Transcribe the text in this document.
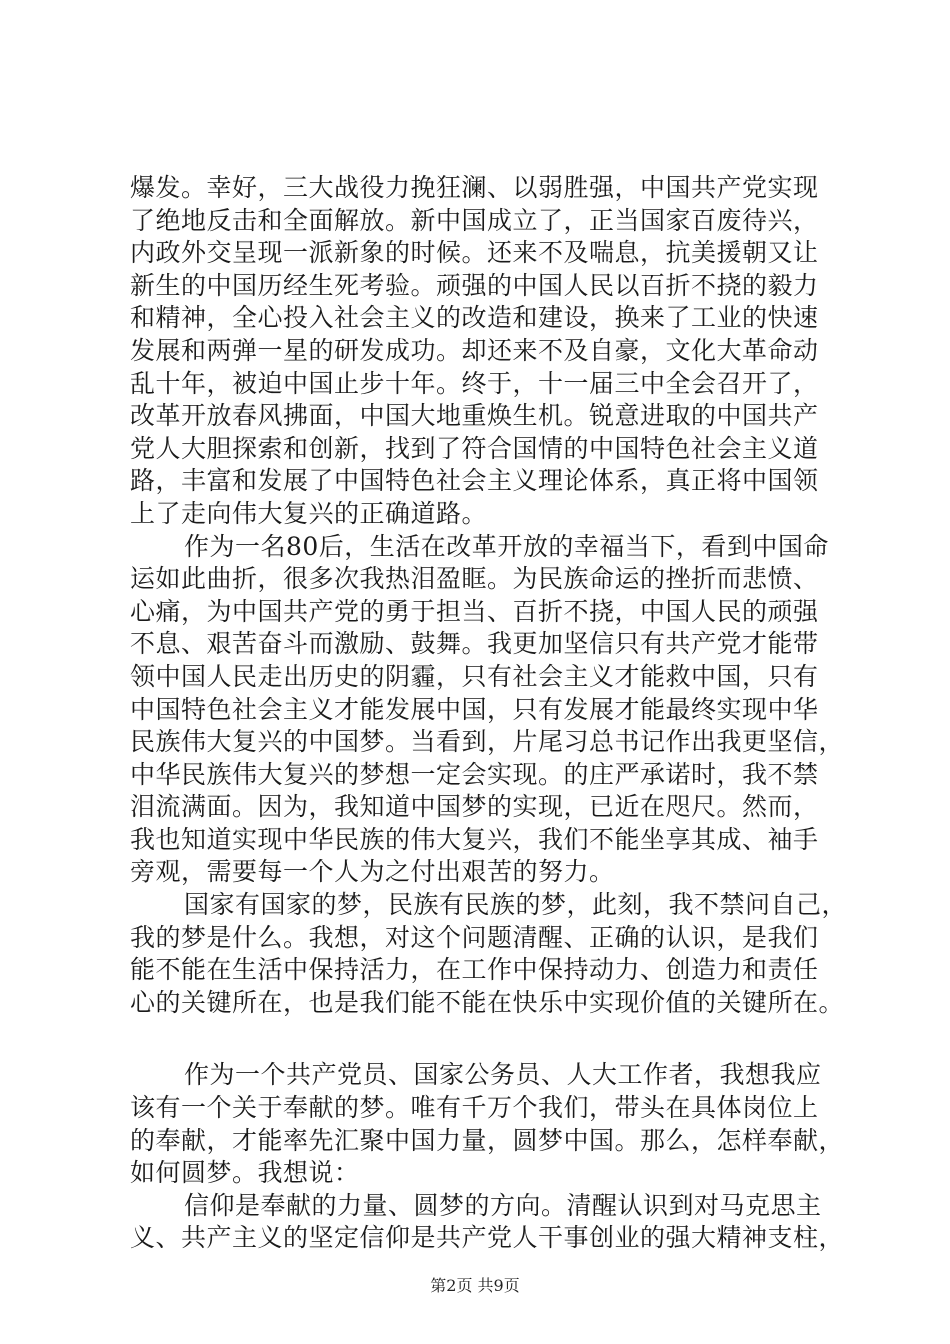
爆发。幸好，三大战役力挽狂澜、以弱胜强，中国共产党实现
了绝地反击和全面解放。新中国成立了，正当国家百废待兴，
内政外交呈现一派新象的时候。还来不及喘息，抗美援朝又让
新生的中国历经生死考验。顽强的中国人民以百折不挠的毅力
和精神，全心投入社会主义的改造和建设，换来了工业的快速
发展和两弹一星的研发成功。却还来不及自豪，文化大革命动
乱十年，被迫中国止步十年。终于，十一届三中全会召开了，
改革开放春风拂面，中国大地重焕生机。锐意进取的中国共产
党人大胆探索和创新，找到了符合国情的中国特色社会主义道
路，丰富和发展了中国特色社会主义理论体系，真正将中国领
上了走向伟大复兴的正确道路。
作为一名80后，生活在改革开放的幸福当下，看到中国命
运如此曲折，很多次我热泪盈眶。为民族命运的挫折而悲愤、
心痛，为中国共产党的勇于担当、百折不挠，中国人民的顽强
不息、艰苦奋斗而激励、鼓舞。我更加坚信只有共产党才能带
领中国人民走出历史的阴霾，只有社会主义才能救中国，只有
中国特色社会主义才能发展中国，只有发展才能最终实现中华
民族伟大复兴的中国梦。当看到，片尾习总书记作出我更坚信，
中华民族伟大复兴的梦想一定会实现。的庄严承诺时，我不禁
泪流满面。因为，我知道中国梦的实现，已近在咫尺。然而，
我也知道实现中华民族的伟大复兴，我们不能坐享其成、袖手
旁观，需要每一个人为之付出艰苦的努力。
国家有国家的梦，民族有民族的梦，此刻，我不禁问自己，
我的梦是什么。我想，对这个问题清醒、正确的认识，是我们
能不能在生活中保持活力，在工作中保持动力、创造力和责任
心的关键所在，也是我们能不能在快乐中实现价值的关键所在。
作为一个共产党员、国家公务员、人大工作者，我想我应
该有一个关于奉献的梦。唯有千万个我们，带头在具体岗位上
的奉献，才能率先汇聚中国力量，圆梦中国。那么，怎样奉献，
如何圆梦。我想说：
信仰是奉献的力量、圆梦的方向。清醒认识到对马克思主
义、共产主义的坚定信仰是共产党人干事创业的强大精神支柱，
第2页 共9页
